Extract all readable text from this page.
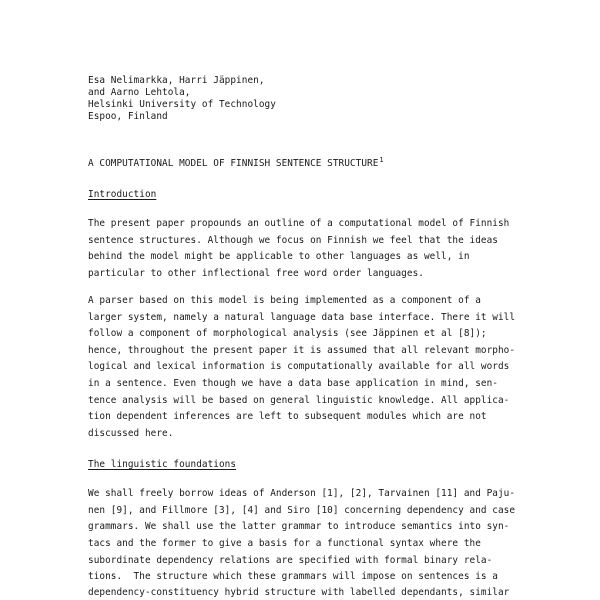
Esa Nelimarkka, Harri Jäppinen,
and Aarno Lehtola,
Helsinki University of Technology
Espoo, Finland
A COMPUTATIONAL MODEL OF FINNISH SENTENCE STRUCTURE$^1$
Introduction
The present paper propounds an outline of a computational model of Finnish
sentence structures. Although we focus on Finnish we feel that the ideas
behind the model might be applicable to other languages as well, in
particular to other inflectional free word order languages.
A parser based on this model is being implemented as a component of a
larger system, namely a natural language data base interface. There it will
follow a component of morphological analysis (see Jäppinen et al [8]);
hence, throughout the present paper it is assumed that all relevant morpho-
logical and lexical information is computationally available for all words
in a sentence. Even though we have a data base application in mind, sen-
tence analysis will be based on general linguistic knowledge. All applica-
tion dependent inferences are left to subsequent modules which are not
discussed here.
The linguistic foundations
We shall freely borrow ideas of Anderson [1], [2], Tarvainen [11] and Paju-
nen [9], and Fillmore [3], [4] and Siro [10] concerning dependency and case
grammars. We shall use the latter grammar to introduce semantics into syn-
tacs and the former to give a basis for a functional syntax where the
subordinate dependency relations are specified with formal binary rela-
tions.  The structure which these grammars will impose on sentences is a
dependency-constituency hybrid structure with labelled dependants, similar
